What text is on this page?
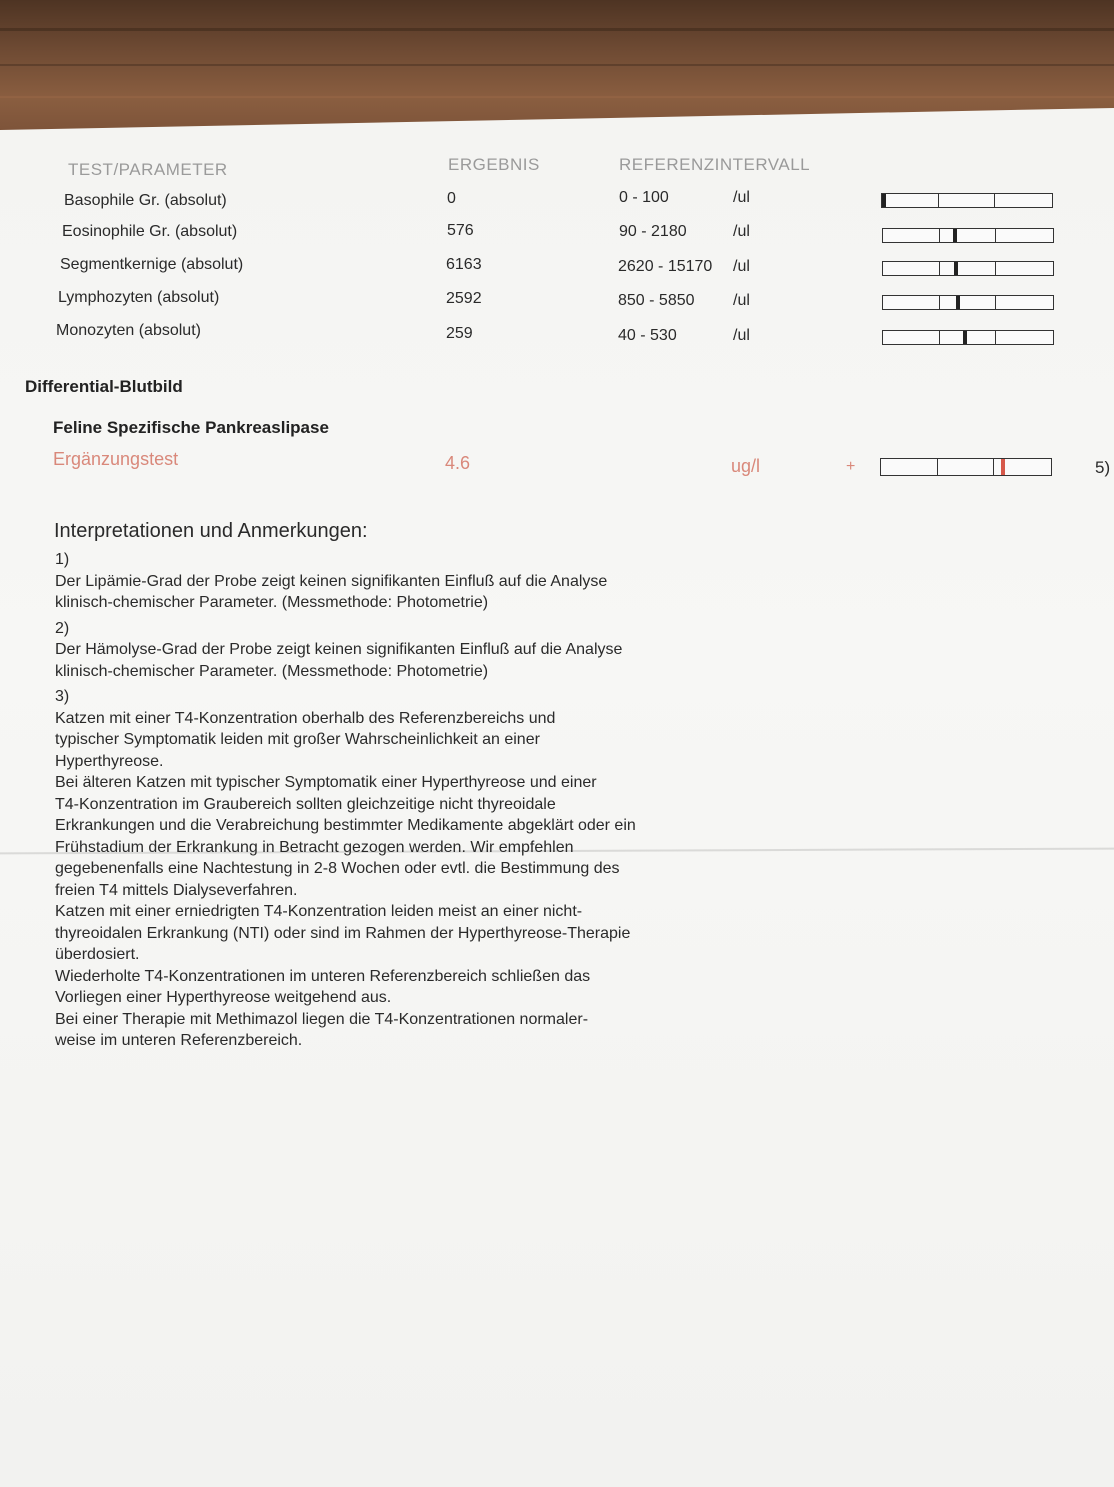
TEST/PARAMETER	ERGEBNIS	REFERENZINTERVALL
Basophile Gr. (absolut)	0	0 - 100	/ul
Eosinophile Gr. (absolut)	576	90 - 2180	/ul
Segmentkernige (absolut)	6163	2620 - 15170 /ul
Lymphozyten (absolut)	2592	850 - 5850 /ul
Monozyten (absolut)	259	40 - 530	/ul
Differential-Blutbild
Feline Spezifische Pankreaslipase
Ergänzungstest	4.6	ug/l	+	5)
Interpretationen und Anmerkungen:

1)

Der Lipämie-Grad der Probe zeigt keinen signifikanten Einfluß auf die Analyse

klinisch-chemischer Parameter. (Messmethode: Photometrie)

2)

Der Hämolyse-Grad der Probe zeigt keinen signifikanten Einfluß auf die Analyse

klinisch-chemischer Parameter. (Messmethode: Photometrie)

3)

Katzen mit einer T4-Konzentration oberhalb des Referenzbereichs und

typischer Symptomatik leiden mit großer Wahrscheinlichkeit an einer

Hyperthyreose.

Bei älteren Katzen mit typischer Symptomatik einer Hyperthyreose und einer

T4-Konzentration im Graubereich sollten gleichzeitige nicht thyreoidale

Erkrankungen und die Verabreichung bestimmter Medikamente abgeklärt oder ein

Frühstadium der Erkrankung in Betracht gezogen werden. Wir empfehlen

gegebenenfalls eine Nachtestung in 2-8 Wochen oder evtl. die Bestimmung des

freien T4 mittels Dialyseverfahren.

Katzen mit einer erniedrigten T4-Konzentration leiden meist an einer nicht-

thyreoidalen Erkrankung (NTI) oder sind im Rahmen der Hyperthyreose-Therapie

überdosiert.

Wiederholte T4-Konzentrationen im unteren Referenzbereich schließen das

Vorliegen einer Hyperthyreose weitgehend aus.

Bei einer Therapie mit Methimazol liegen die T4-Konzentrationen normaler-

weise im unteren Referenzbereich.
